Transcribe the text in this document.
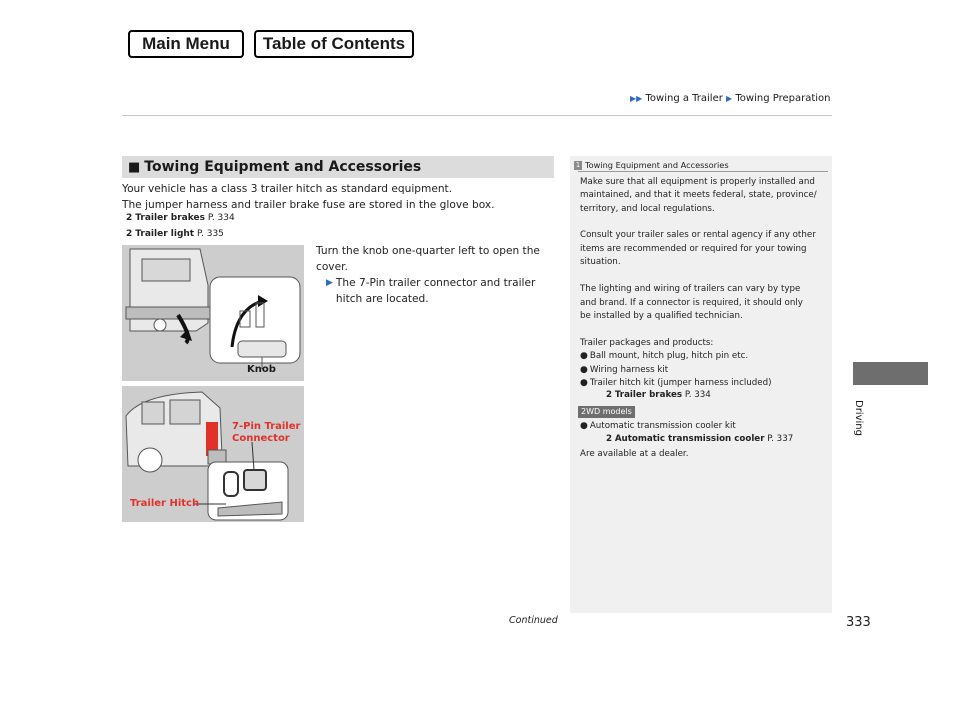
Main Menu	Table of Contents
▶▶ Towing a Trailer ▶ Towing Preparation
Driving
■ Towing Equipment and Accessories
Your vehicle has a class 3 trailer hitch as standard equipment.
The jumper harness and trailer brake fuse are stored in the glove box.
2 Trailer brakes P. 334
2 Trailer light P. 335
Turn the knob one-quarter left to open the cover.
▶ The 7-Pin trailer connector and trailer hitch are located.
Knob
7-Pin Trailer
Connector
Trailer Hitch
1 Towing Equipment and Accessories
Make sure that all equipment is properly installed and
maintained, and that it meets federal, state, province/
territory, and local regulations.
Consult your trailer sales or rental agency if any other
items are recommended or required for your towing
situation.
The lighting and wiring of trailers can vary by type
and brand. If a connector is required, it should only
be installed by a qualified technician.
Trailer packages and products:
● Ball mount, hitch plug, hitch pin etc.
● Wiring harness kit
● Trailer hitch kit (jumper harness included)
2 Trailer brakes P. 334
2WD models
● Automatic transmission cooler kit
2 Automatic transmission cooler P. 337
Are available at a dealer.
Continued	333
